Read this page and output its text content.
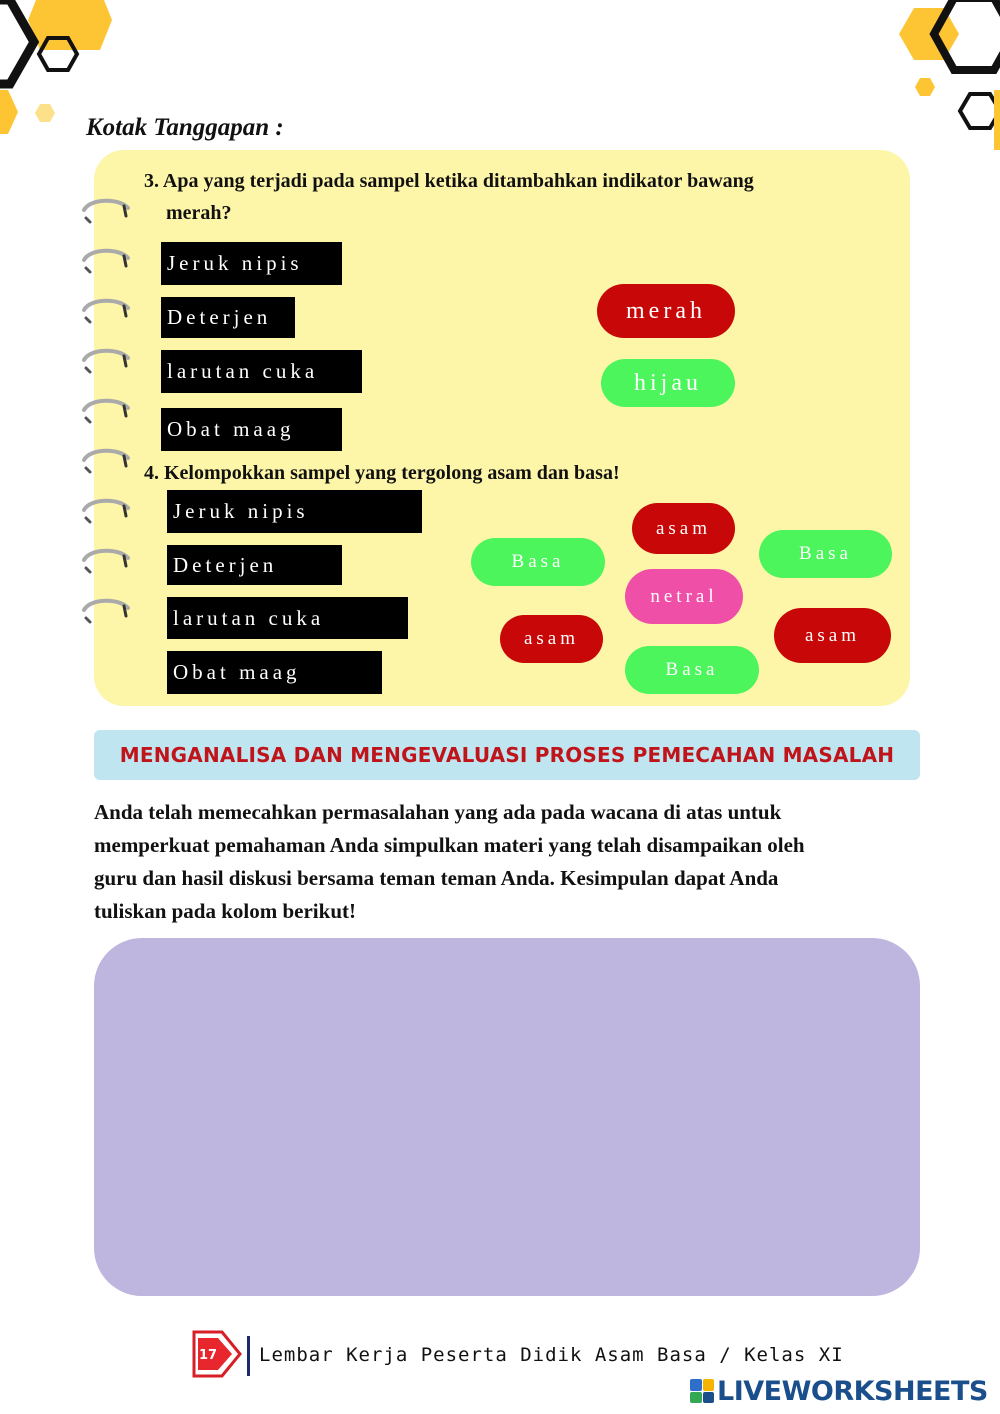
Kotak Tanggapan :
3. Apa yang terjadi pada sampel ketika ditambahkan indikator bawang
merah?
Jeruk nipis
Deterjen
larutan cuka
Obat maag
merah
hijau
4. Kelompokkan sampel yang tergolong asam dan basa!
Jeruk nipis
Deterjen
larutan cuka
Obat maag
asam
Basa	Basa
netral
asam	asam
Basa
MENGANALISA DAN MENGEVALUASI PROSES PEMECAHAN MASALAH
Anda telah memecahkan permasalahan yang ada pada wacana di atas untuk
memperkuat pemahaman Anda simpulkan materi yang telah disampaikan oleh
guru dan hasil diskusi bersama teman teman Anda. Kesimpulan dapat Anda
tuliskan pada kolom berikut!
17 Lembar Kerja Peserta Didik Asam Basa / Kelas XI
LIVEWORKSHEETS
